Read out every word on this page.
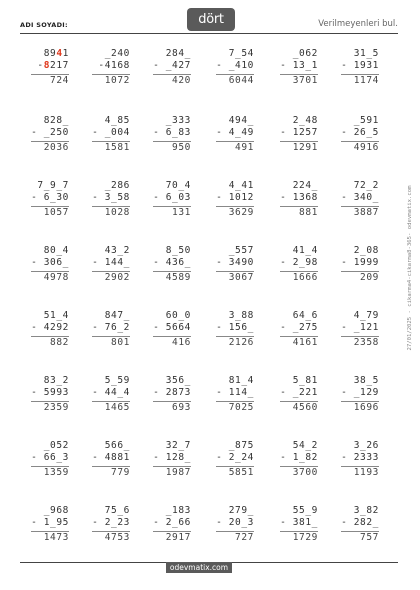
ADI SOYADI:	dört	Verilmeyenleri bul.
8941
-8217
724
_240
-4168
1072
284_
- _427
420
7_54
- _410
6044
_062
- 13_1
3701
31_5
- 1931
1174
828_
- _250
2036
4_85
- _004
1581
_333
- 6_83
950
494_
- 4_49
491
2_48
- 1257
1291
_591
- 26_5
4916
7_9_7
- 6_30
1057
_286
- 3_58
1028
70_4
- 6_03
131
4_41
- 1012
3629
224_
- 1368
881
72_2
- 340_
3887
80_4
- 306_
4978
43_2
- 144_
2902
8_50
- 436_
4589
_557
- 3490
3067
41_4
- 2_98
1666
2_08
- 1999
209
51_4
- 4292
882
847_
- 76_2
801
60_0
- 5664
416
3_88
- 156_
2126
64_6
- _275
4161
4_79
- _121
2358
83_2
- 5993
2359
5_59
- 44_4
1465
356_
- 2873
693
81_4
- 114_
7025
5_81
- _221
4560
38_5
- _129
1696
_052
- 66_3
1359
566_
- 4881
779
32_7
- 128_
1987
_875
- 2_24
5851
54_2
- 1_82
3700
3_26
- 2333
1193
_968
- 1_95
1473
75_6
- 2_23
4753
_183
- 2_66
2917
279_
- 20_3
727
55_9
- 381_
1729
3_82
- 282_
757
27/01/2025 - cikarma4-cikarma8-365- odevmatix.com
odevmatix.com
